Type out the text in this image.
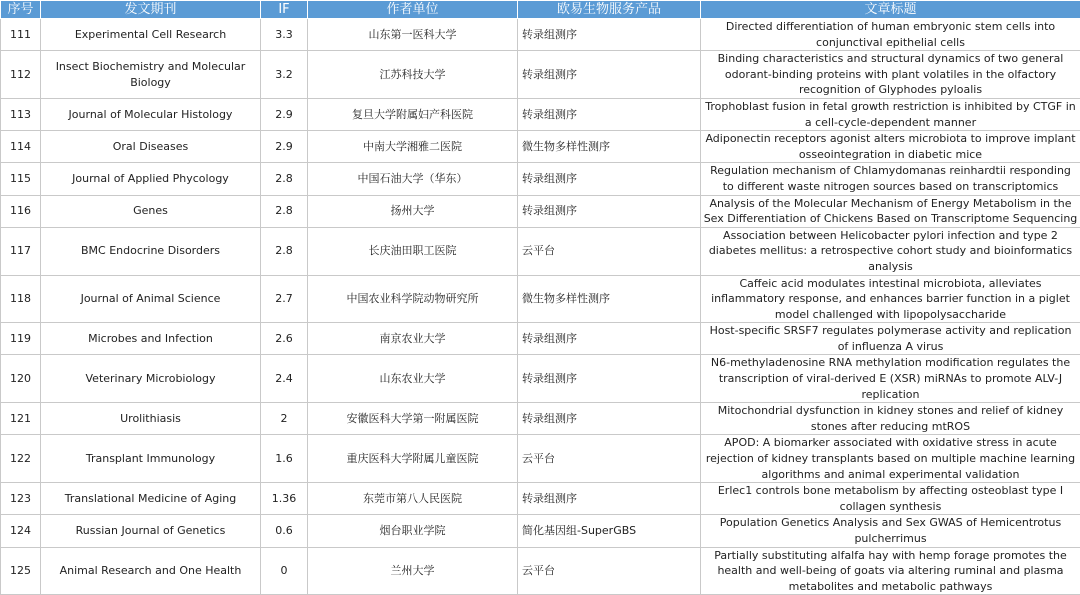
序号	发文期刊	IF	作者单位	欧易生物服务产品	文章标题
111	Experimental Cell Research	3.3	山东第一医科大学	转录组测序	Directed differentiation of human embryonic stem cells into conjunctival epithelial cells
112	Insect Biochemistry and Molecular Biology	3.2	江苏科技大学	转录组测序	Binding characteristics and structural dynamics of two general odorant-binding proteins with plant volatiles in the olfactory recognition of Glyphodes pyloalis
113	Journal of Molecular Histology	2.9	复旦大学附属妇产科医院	转录组测序	Trophoblast fusion in fetal growth restriction is inhibited by CTGF in a cell-cycle-dependent manner
114	Oral Diseases	2.9	中南大学湘雅二医院	微生物多样性测序	Adiponectin receptors agonist alters microbiota to improve implant osseointegration in diabetic mice
115	Journal of Applied Phycology	2.8	中国石油大学（华东）	转录组测序	Regulation mechanism of Chlamydomanas reinhardtii responding to different waste nitrogen sources based on transcriptomics
116	Genes	2.8	扬州大学	转录组测序	Analysis of the Molecular Mechanism of Energy Metabolism in the Sex Differentiation of Chickens Based on Transcriptome Sequencing
117	BMC Endocrine Disorders	2.8	长庆油田职工医院	云平台	Association between Helicobacter pylori infection and type 2 diabetes mellitus: a retrospective cohort study and bioinformatics analysis
118	Journal of Animal Science	2.7	中国农业科学院动物研究所	微生物多样性测序	Caffeic acid modulates intestinal microbiota, alleviates inflammatory response, and enhances barrier function in a piglet model challenged with lipopolysaccharide
119	Microbes and Infection	2.6	南京农业大学	转录组测序	Host-specific SRSF7 regulates polymerase activity and replication of influenza A virus
120	Veterinary Microbiology	2.4	山东农业大学	转录组测序	N6-methyladenosine RNA methylation modification regulates the transcription of viral-derived E (XSR) miRNAs to promote ALV-J replication
121	Urolithiasis	2	安徽医科大学第一附属医院	转录组测序	Mitochondrial dysfunction in kidney stones and relief of kidney stones after reducing mtROS
122	Transplant Immunology	1.6	重庆医科大学附属儿童医院	云平台	APOD: A biomarker associated with oxidative stress in acute rejection of kidney transplants based on multiple machine learning algorithms and animal experimental validation
123	Translational Medicine of Aging	1.36	东莞市第八人民医院	转录组测序	Erlec1 controls bone metabolism by affecting osteoblast type I collagen synthesis
124	Russian Journal of Genetics	0.6	烟台职业学院	简化基因组-SuperGBS	Population Genetics Analysis and Sex GWAS of Hemicentrotus pulcherrimus
125	Animal Research and One Health	0	兰州大学	云平台	Partially substituting alfalfa hay with hemp forage promotes the health and well-being of goats via altering ruminal and plasma metabolites and metabolic pathways
